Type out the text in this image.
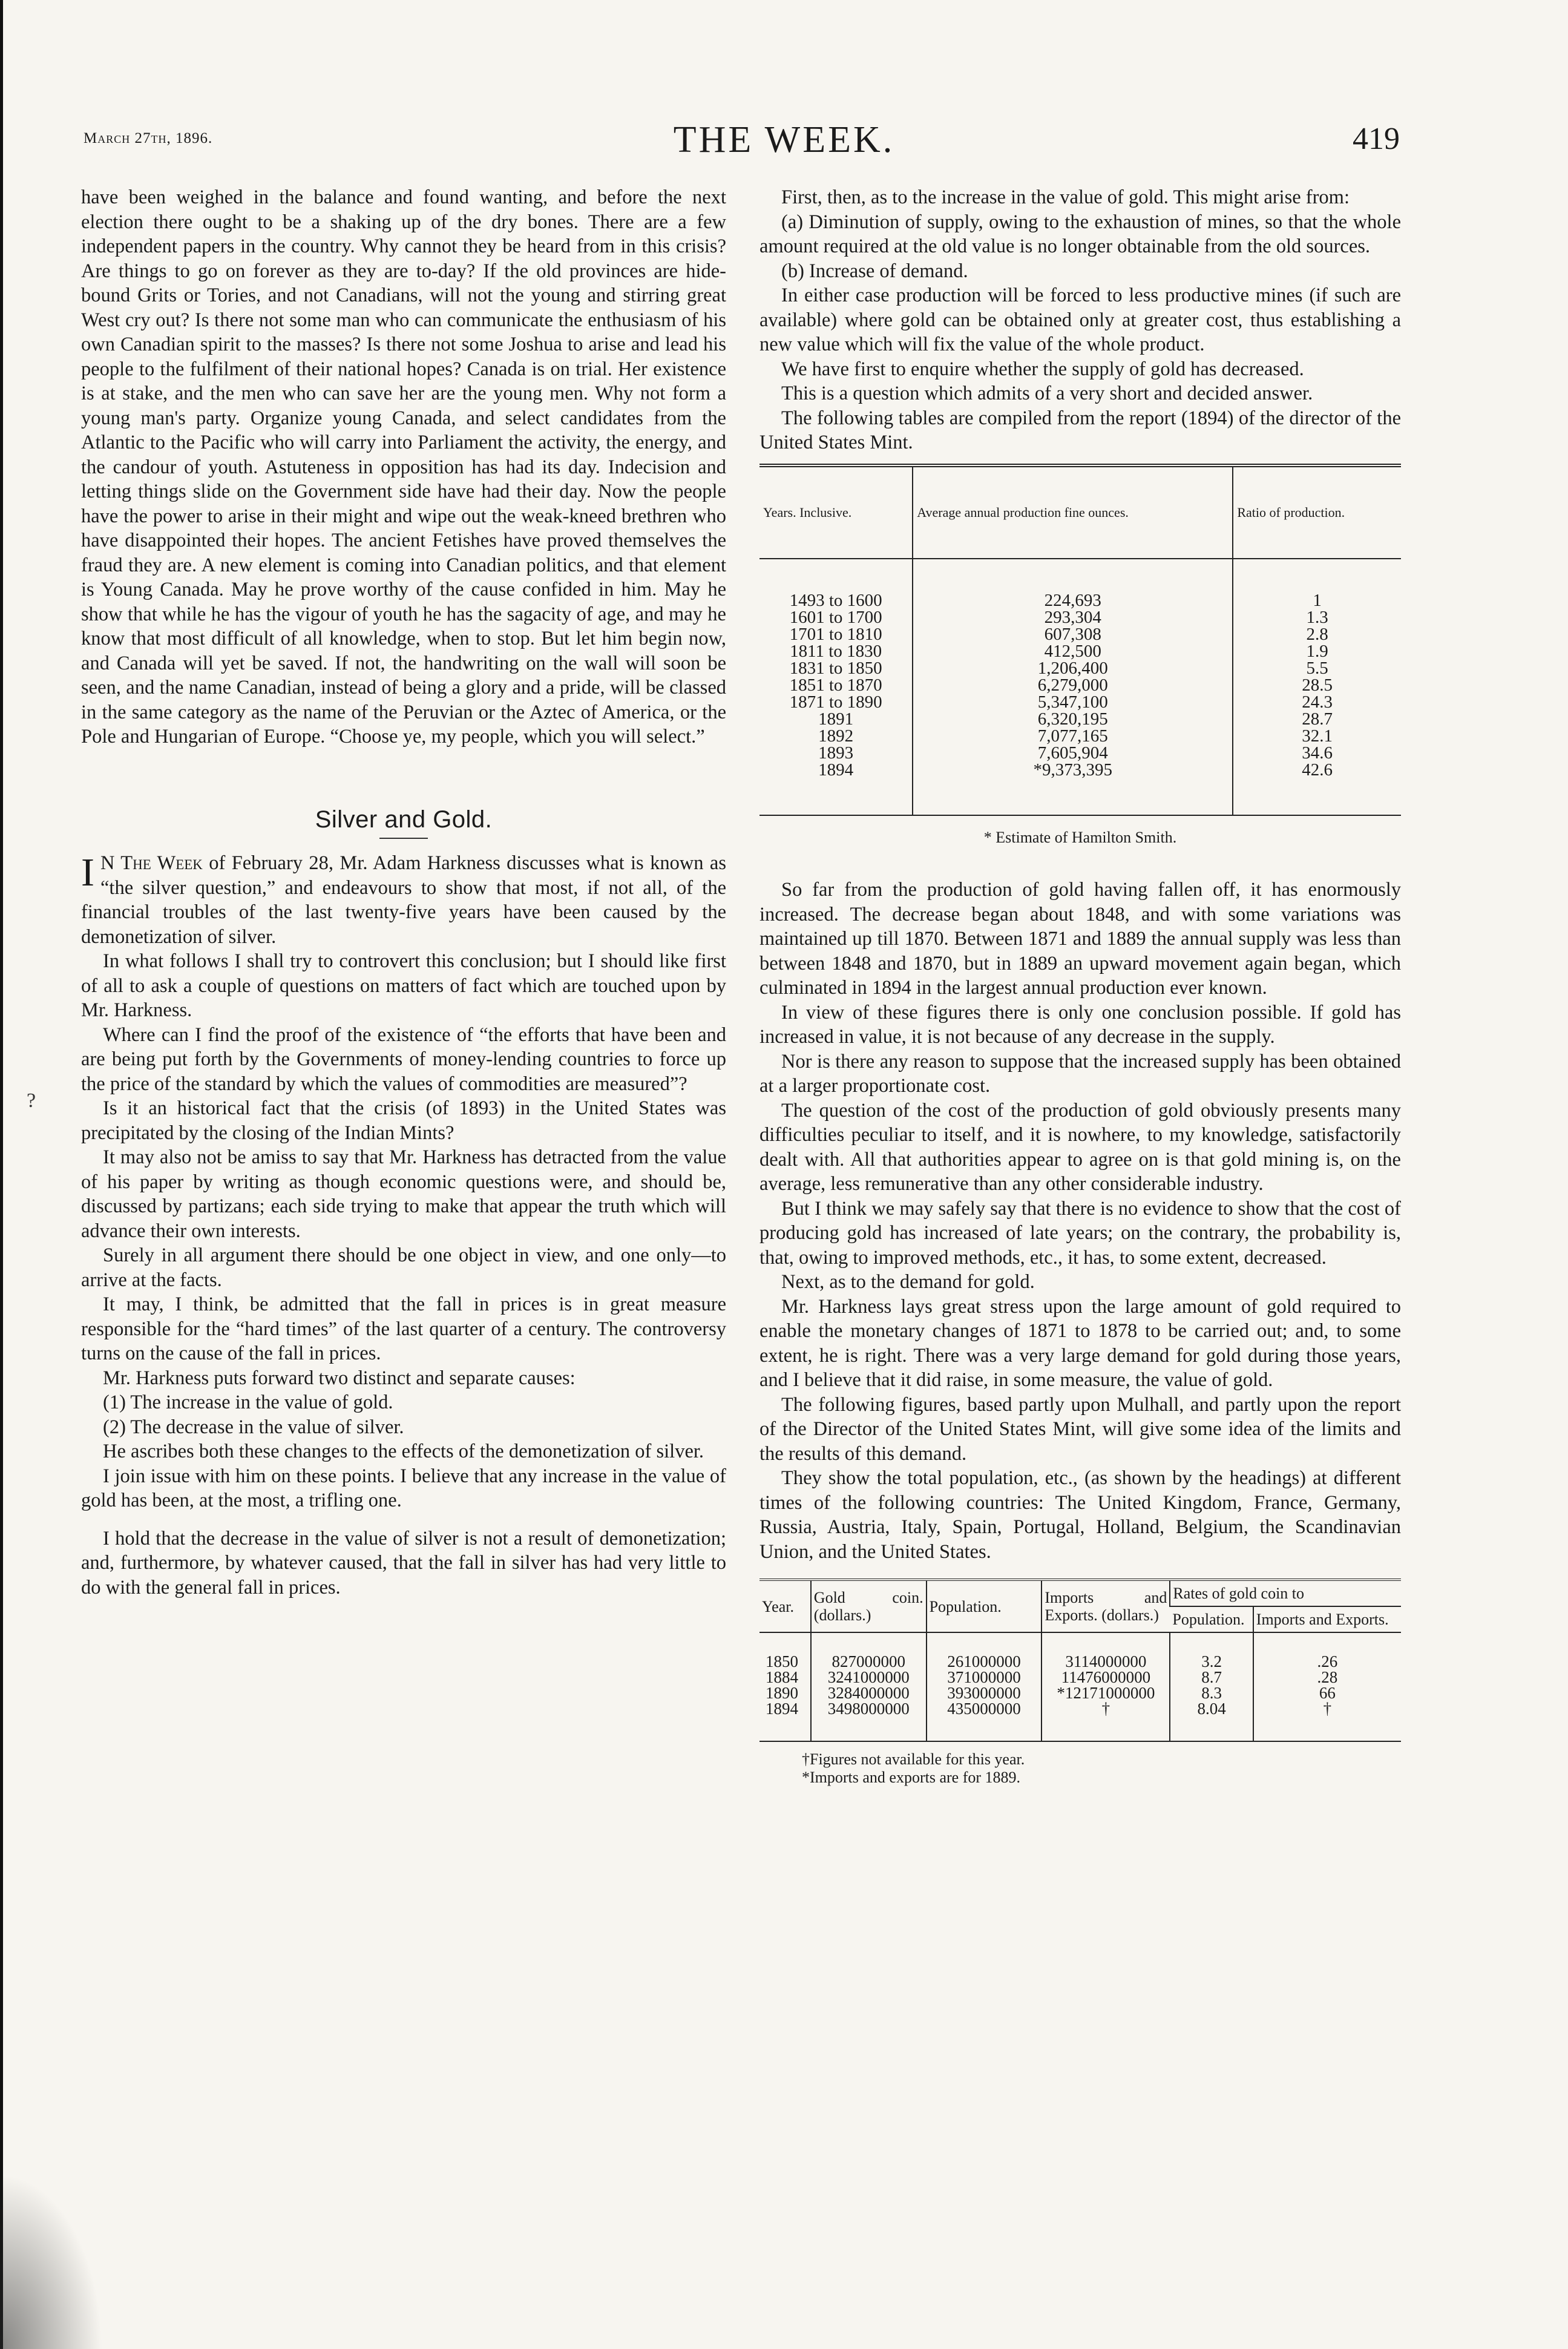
?
March 27th, 1896.	THE WEEK.	419

have been weighed in the balance and found wanting, and before the next election there ought to be a shaking up of the dry bones. There are a few independent papers in the country. Why cannot they be heard from in this crisis? Are things to go on forever as they are to-day? If the old provinces are hide-bound Grits or Tories, and not Canadians, will not the young and stirring great West cry out? Is there not some man who can communicate the enthusiasm of his own Canadian spirit to the masses? Is there not some Joshua to arise and lead his people to the fulfilment of their national hopes? Canada is on trial. Her existence is at stake, and the men who can save her are the young men. Why not form a young man's party. Organize young Canada, and select candidates from the Atlantic to the Pacific who will carry into Parliament the activity, the energy, and the candour of youth. Astuteness in opposition has had its day. Indecision and letting things slide on the Government side have had their day. Now the people have the power to arise in their might and wipe out the weak-kneed brethren who have disappointed their hopes. The ancient Fetishes have proved themselves the fraud they are. A new element is coming into Canadian politics, and that element is Young Canada. May he prove worthy of the cause confided in him. May he show that while he has the vigour of youth he has the sagacity of age, and may he know that most difficult of all knowledge, when to stop. But let him begin now, and Canada will yet be saved. If not, the handwriting on the wall will soon be seen, and the name Canadian, instead of being a glory and a pride, will be classed in the same category as the name of the Peruvian or the Aztec of America, or the Pole and Hungarian of Europe. “Choose ye, my people, which you will select.”

Silver and Gold.

I N The Week of February 28, Mr. Adam Harkness discusses what is known as “the silver question,” and endeavours to show that most, if not all, of the financial troubles of the last twenty-five years have been caused by the demonetization of silver.

In what follows I shall try to controvert this conclusion; but I should like first of all to ask a couple of questions on matters of fact which are touched upon by Mr. Harkness.

Where can I find the proof of the existence of “the efforts that have been and are being put forth by the Governments of money-lending countries to force up the price of the standard by which the values of commodities are measured”?

Is it an historical fact that the crisis (of 1893) in the United States was precipitated by the closing of the Indian Mints?

It may also not be amiss to say that Mr. Harkness has detracted from the value of his paper by writing as though economic questions were, and should be, discussed by partizans; each side trying to make that appear the truth which will advance their own interests.

Surely in all argument there should be one object in view, and one only—to arrive at the facts.

It may, I think, be admitted that the fall in prices is in great measure responsible for the “hard times” of the last quarter of a century. The controversy turns on the cause of the fall in prices.

Mr. Harkness puts forward two distinct and separate causes:

(1) The increase in the value of gold.

(2) The decrease in the value of silver.

He ascribes both these changes to the effects of the demonetization of silver.

I join issue with him on these points. I believe that any increase in the value of gold has been, at the most, a trifling one.

I hold that the decrease in the value of silver is not a result of demonetization; and, furthermore, by whatever caused, that the fall in silver has had very little to do with the general fall in prices.

First, then, as to the increase in the value of gold. This might arise from:

(a) Diminution of supply, owing to the exhaustion of mines, so that the whole amount required at the old value is no longer obtainable from the old sources.

(b) Increase of demand.

In either case production will be forced to less productive mines (if such are available) where gold can be obtained only at greater cost, thus establishing a new value which will fix the value of the whole product.

We have first to enquire whether the supply of gold has decreased.

This is a question which admits of a very short and decided answer.

The following tables are compiled from the report (1894) of the director of the United States Mint.

Years. Inclusive.	Average annual production fine ounces.	Ratio of production.
1493 to 1600	224,693	1
1601 to 1700	293,304	1.3
1701 to 1810	607,308	2.8
1811 to 1830	412,500	1.9
1831 to 1850	1,206,400	5.5
1851 to 1870	6,279,000	28.5
1871 to 1890	5,347,100	24.3
1891	6,320,195	28.7
1892	7,077,165	32.1
1893	7,605,904	34.6
1894	*9,373,395	42.6
* Estimate of Hamilton Smith.

So far from the production of gold having fallen off, it has enormously increased. The decrease began about 1848, and with some variations was maintained up till 1870. Between 1871 and 1889 the annual supply was less than between 1848 and 1870, but in 1889 an upward movement again began, which culminated in 1894 in the largest annual production ever known.

In view of these figures there is only one conclusion possible. If gold has increased in value, it is not because of any decrease in the supply.

Nor is there any reason to suppose that the increased supply has been obtained at a larger proportionate cost.

The question of the cost of the production of gold obviously presents many difficulties peculiar to itself, and it is nowhere, to my knowledge, satisfactorily dealt with. All that authorities appear to agree on is that gold mining is, on the average, less remunerative than any other considerable industry.

But I think we may safely say that there is no evidence to show that the cost of producing gold has increased of late years; on the contrary, the probability is, that, owing to improved methods, etc., it has, to some extent, decreased.

Next, as to the demand for gold.

Mr. Harkness lays great stress upon the large amount of gold required to enable the monetary changes of 1871 to 1878 to be carried out; and, to some extent, he is right. There was a very large demand for gold during those years, and I believe that it did raise, in some measure, the value of gold.

The following figures, based partly upon Mulhall, and partly upon the report of the Director of the United States Mint, will give some idea of the limits and the results of this demand.

They show the total population, etc., (as shown by the headings) at different times of the following countries: The United Kingdom, France, Germany, Russia, Austria, Italy, Spain, Portugal, Holland, Belgium, the Scandinavian Union, and the United States.

Year.	Gold coin. (dollars.)	Population.	Imports and Exports. (dollars.)	Rates of gold coin to	
				Population.	Imports and Exports.
1850	827000000	261000000	3114000000	3.2	.26
1884	3241000000	371000000	11476000000	8.7	.28
1890	3284000000	393000000	*12171000000	8.3	66
1894	3498000000	435000000	†	8.04	†
†Figures not available for this year.
*Imports and exports are for 1889.
